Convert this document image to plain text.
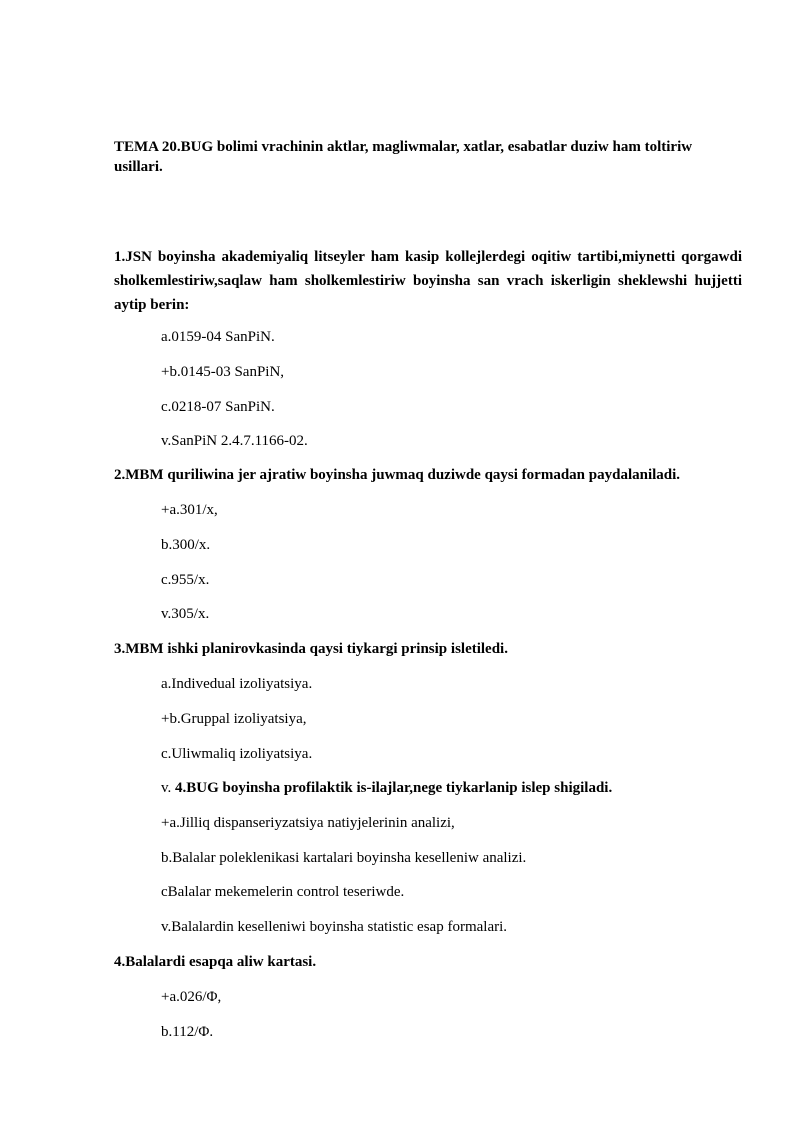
TEMA 20.BUG bolimi vrachinin aktlar, magliwmalar, xatlar, esabatlar duziw ham toltiriw usillari.
1.JSN boyinsha akademiyaliq litseyler ham kasip kollejlerdegi oqitiw tartibi,miynetti qorgawdi sholkemlestiriw,saqlaw ham sholkemlestiriw boyinsha san vrach iskerligin sheklewshi hujjetti aytip berin:
a.0159-04 SanPiN.
+b.0145-03 SanPiN,
c.0218-07 SanPiN.
v.SanPiN 2.4.7.1166-02.
2.MBM quriliwina jer ajratiw boyinsha juwmaq duziwde qaysi formadan paydalaniladi.
+a.301/x,
b.300/x.
c.955/x.
v.305/x.
3.MBM ishki planirovkasinda qaysi tiykargi prinsip isletiledi.
a.Indivedual izoliyatsiya.
+b.Gruppal izoliyatsiya,
c.Uliwmaliq izoliyatsiya.
v. 4.BUG boyinsha profilaktik is-ilajlar,nege tiykarlanip islep shigiladi.
+a.Jilliq dispanseriyzatsiya natiyjelerinin analizi,
b.Balalar poleklenikasi kartalari boyinsha keselleniw analizi.
cBalalar mekemelerin control teseriwde.
v.Balalardin keselleniwi boyinsha statistic esap formalari.
4.Balalardi esapqa aliw kartasi.
+a.026/Φ,
b.112/Φ.
